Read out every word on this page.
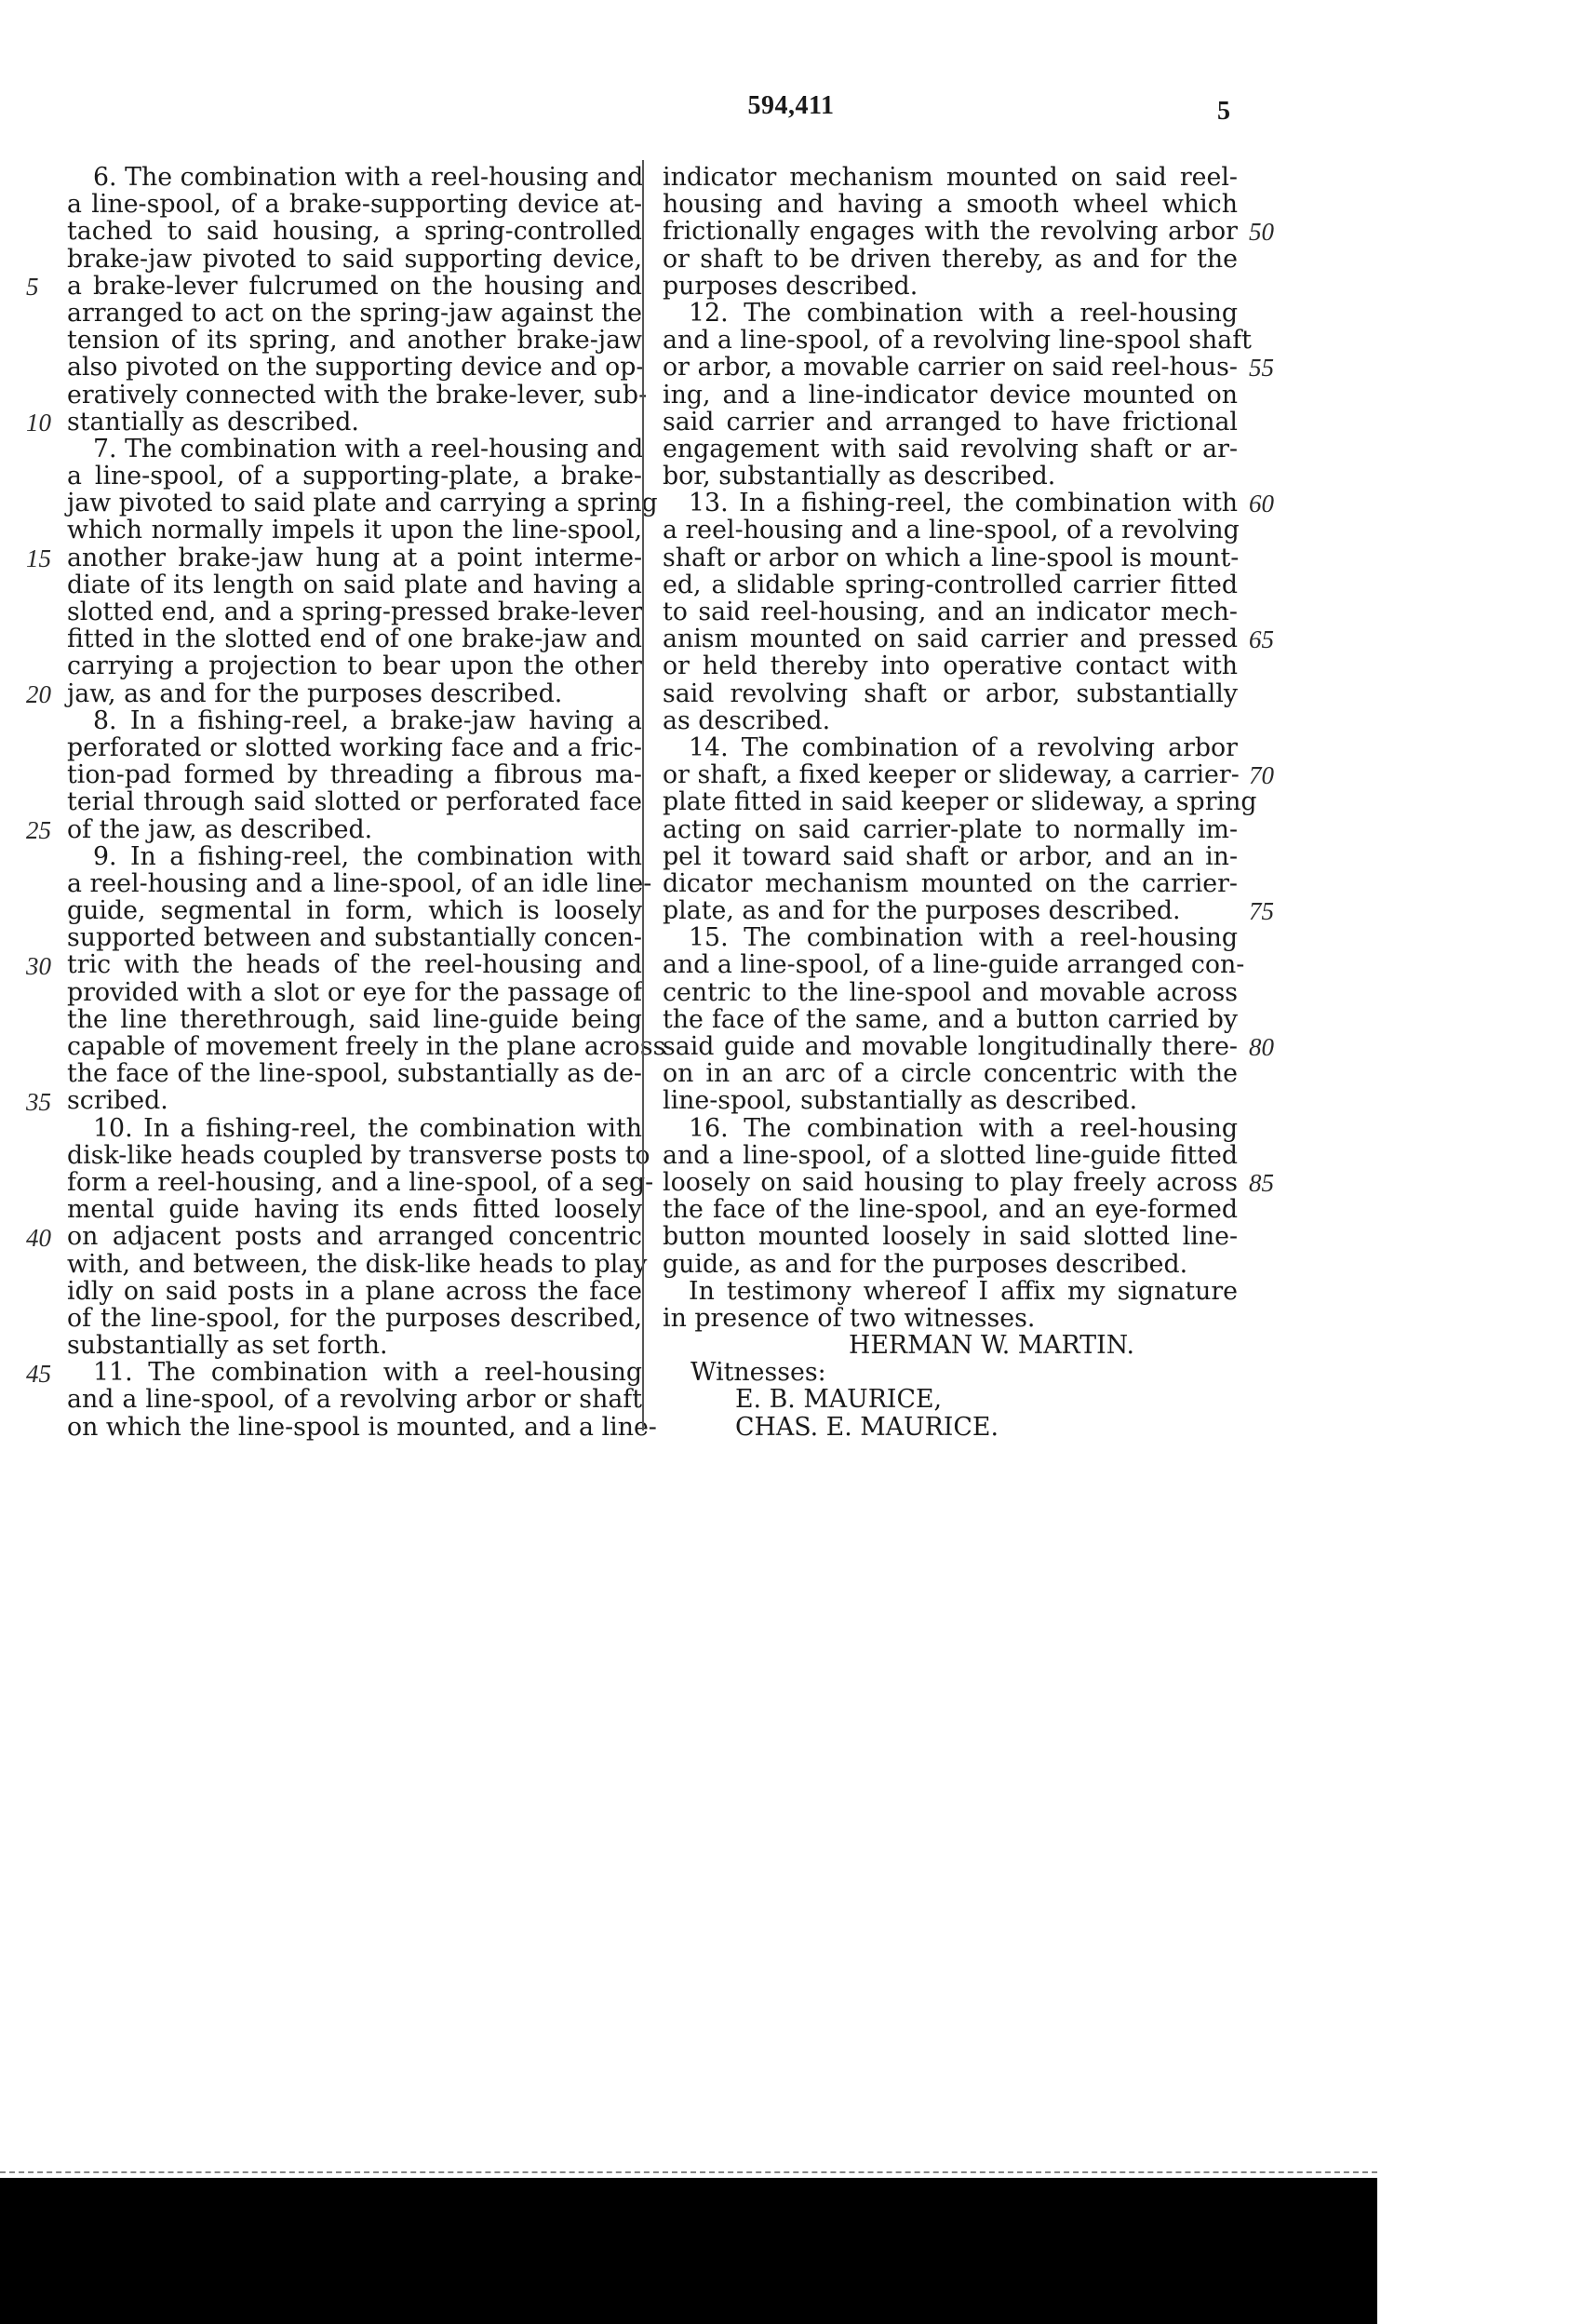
594,411	5
6. The combination with a reel-housing and
a line-spool, of a brake-supporting device at-
tached to said housing, a spring-controlled
brake-jaw pivoted to said supporting device,
a brake-lever fulcrumed on the housing and
arranged to act on the spring-jaw against the
tension of its spring, and another brake-jaw
also pivoted on the supporting device and op-
eratively connected with the brake-lever, sub-
stantially as described.
7. The combination with a reel-housing and
a line-spool, of a supporting-plate, a brake-
jaw pivoted to said plate and carrying a spring
which normally impels it upon the line-spool,
another brake-jaw hung at a point interme-
diate of its length on said plate and having a
slotted end, and a spring-pressed brake-lever
fitted in the slotted end of one brake-jaw and
carrying a projection to bear upon the other
jaw, as and for the purposes described.
8. In a fishing-reel, a brake-jaw having a
perforated or slotted working face and a fric-
tion-pad formed by threading a fibrous ma-
terial through said slotted or perforated face
of the jaw, as described.
9. In a fishing-reel, the combination with
a reel-housing and a line-spool, of an idle line-
guide, segmental in form, which is loosely
supported between and substantially concen-
tric with the heads of the reel-housing and
provided with a slot or eye for the passage of
the line therethrough, said line-guide being
capable of movement freely in the plane across
the face of the line-spool, substantially as de-
scribed.
10. In a fishing-reel, the combination with
disk-like heads coupled by transverse posts to
form a reel-housing, and a line-spool, of a seg-
mental guide having its ends fitted loosely
on adjacent posts and arranged concentric
with, and between, the disk-like heads to play
idly on said posts in a plane across the face
of the line-spool, for the purposes described,
substantially as set forth.
11. The combination with a reel-housing
and a line-spool, of a revolving arbor or shaft
on which the line-spool is mounted, and a line-
indicator mechanism mounted on said reel-
housing and having a smooth wheel which
frictionally engages with the revolving arbor
or shaft to be driven thereby, as and for the
purposes described.
12. The combination with a reel-housing
and a line-spool, of a revolving line-spool shaft
or arbor, a movable carrier on said reel-hous-
ing, and a line-indicator device mounted on
said carrier and arranged to have frictional
engagement with said revolving shaft or ar-
bor, substantially as described.
13. In a fishing-reel, the combination with
a reel-housing and a line-spool, of a revolving
shaft or arbor on which a line-spool is mount-
ed, a slidable spring-controlled carrier fitted
to said reel-housing, and an indicator mech-
anism mounted on said carrier and pressed
or held thereby into operative contact with
said revolving shaft or arbor, substantially
as described.
14. The combination of a revolving arbor
or shaft, a fixed keeper or slideway, a carrier-
plate fitted in said keeper or slideway, a spring
acting on said carrier-plate to normally im-
pel it toward said shaft or arbor, and an in-
dicator mechanism mounted on the carrier-
plate, as and for the purposes described.
15. The combination with a reel-housing
and a line-spool, of a line-guide arranged con-
centric to the line-spool and movable across
the face of the same, and a button carried by
said guide and movable longitudinally there-
on in an arc of a circle concentric with the
line-spool, substantially as described.
16. The combination with a reel-housing
and a line-spool, of a slotted line-guide fitted
loosely on said housing to play freely across
the face of the line-spool, and an eye-formed
button mounted loosely in said slotted line-
guide, as and for the purposes described.
In testimony whereof I affix my signature
in presence of two witnesses.
HERMAN W. MARTIN.
Witnesses:
E. B. MAURICE,
CHAS. E. MAURICE.
5
10
15
20
25
30
35
40
45
50
55
60
65
70
75
80
85
